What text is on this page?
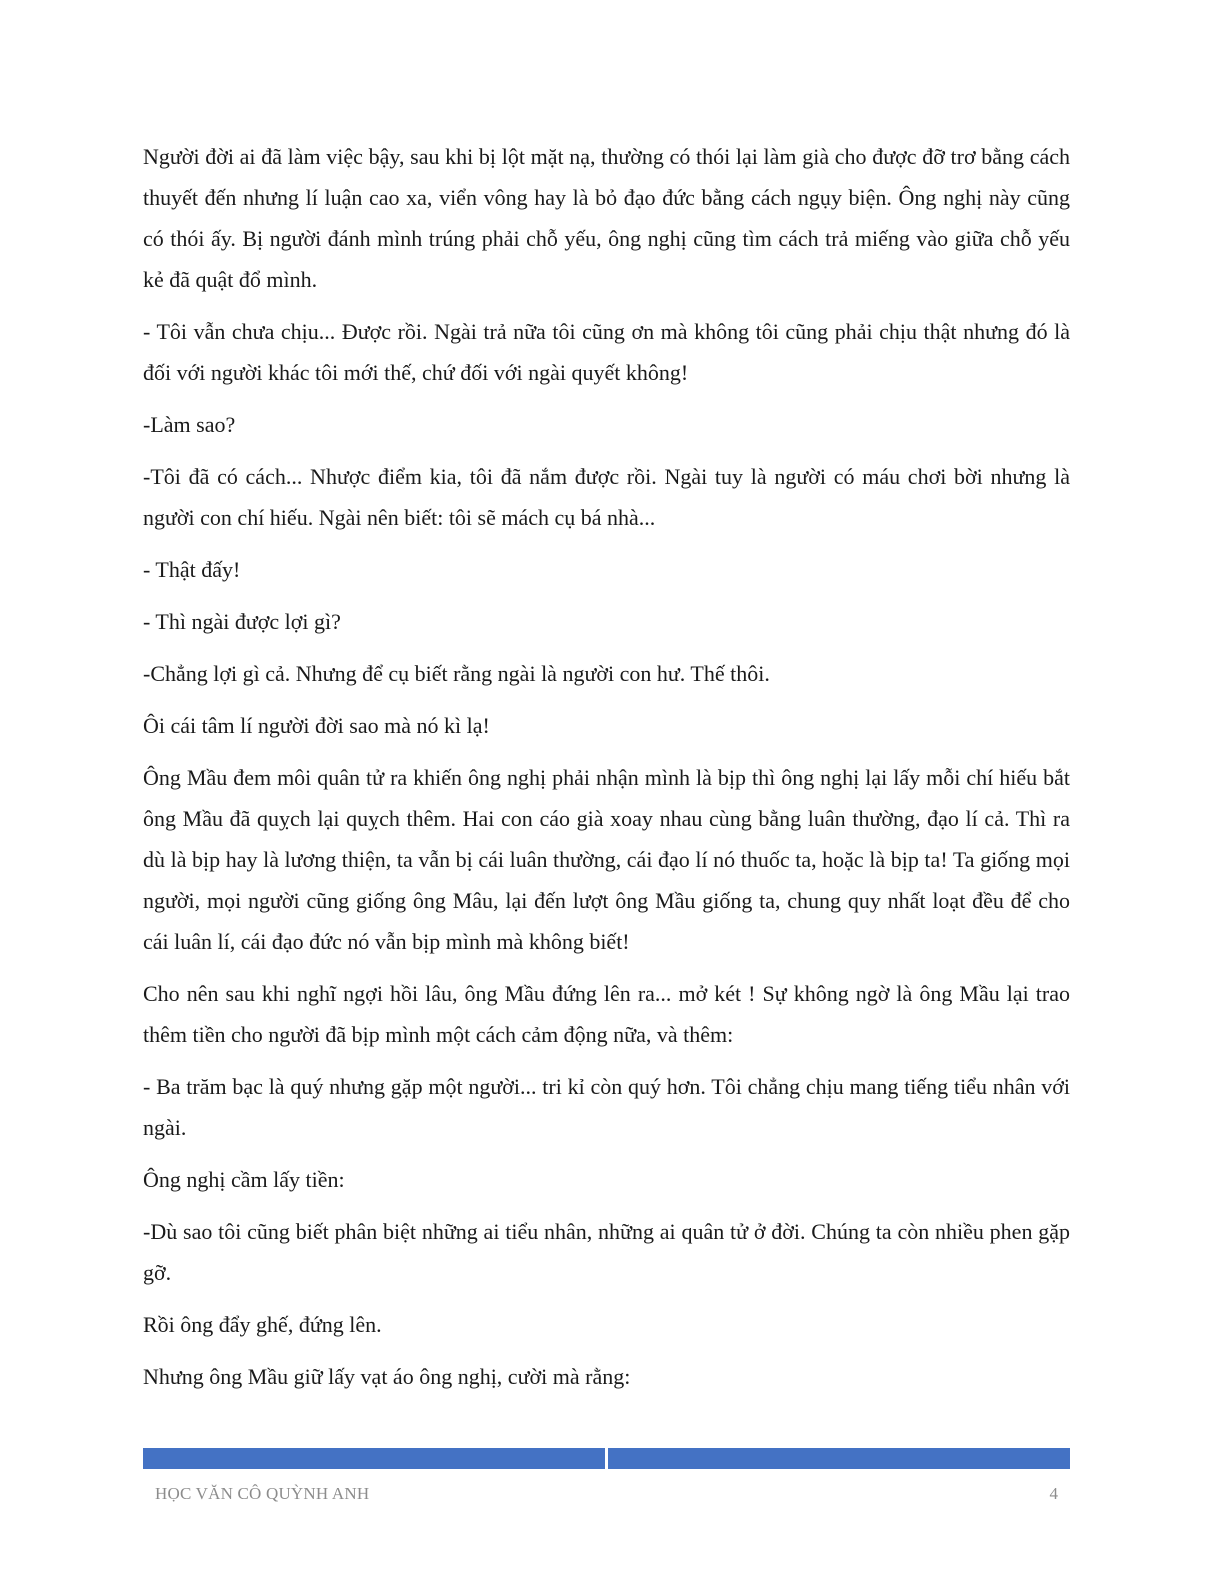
Người đời ai đã làm việc bậy, sau khi bị lột mặt nạ, thường có thói lại làm già cho được đỡ trơ bằng cách thuyết đến nhưng lí luận cao xa, viển vông hay là bỏ đạo đức bằng cách ngụy biện. Ông nghị này cũng có thói ấy. Bị người đánh mình trúng phải chỗ yếu, ông nghị cũng tìm cách trả miếng vào giữa chỗ yếu kẻ đã quật đổ mình.

- Tôi vẫn chưa chịu... Được rồi. Ngài trả nữa tôi cũng ơn mà không tôi cũng phải chịu thật nhưng đó là đối với người khác tôi mới thế, chứ đối với ngài quyết không!

-Làm sao?

-Tôi đã có cách... Nhược điểm kia, tôi đã nắm được rồi. Ngài tuy là người có máu chơi bời nhưng là người con chí hiếu. Ngài nên biết: tôi sẽ mách cụ bá nhà...

- Thật đấy!

- Thì ngài được lợi gì?

-Chẳng lợi gì cả. Nhưng để cụ biết rằng ngài là người con hư. Thế thôi.

Ôi cái tâm lí người đời sao mà nó kì lạ!

Ông Mầu đem môi quân tử ra khiến ông nghị phải nhận mình là bịp thì ông nghị lại lấy mỗi chí hiếu bắt ông Mầu đã quỵch lại quỵch thêm. Hai con cáo già xoay nhau cùng bằng luân thường, đạo lí cả. Thì ra dù là bịp hay là lương thiện, ta vẫn bị cái luân thường, cái đạo lí nó thuốc ta, hoặc là bịp ta! Ta giống mọi người, mọi người cũng giống ông Mâu, lại đến lượt ông Mầu giống ta, chung quy nhất loạt đều để cho cái luân lí, cái đạo đức nó vẫn bịp mình mà không biết!

Cho nên sau khi nghĩ ngợi hồi lâu, ông Mầu đứng lên ra... mở két ! Sự không ngờ là ông Mầu lại trao thêm tiền cho người đã bịp mình một cách cảm động nữa, và thêm:

- Ba trăm bạc là quý nhưng gặp một người... tri kỉ còn quý hơn. Tôi chẳng chịu mang tiếng tiểu nhân với ngài.

Ông nghị cầm lấy tiền:

-Dù sao tôi cũng biết phân biệt những ai tiểu nhân, những ai quân tử ở đời. Chúng ta còn nhiều phen gặp gỡ.

Rồi ông đẩy ghế, đứng lên.

Nhưng ông Mầu giữ lấy vạt áo ông nghị, cười mà rằng:

HỌC VĂN CÔ QUỲNH ANH	4
